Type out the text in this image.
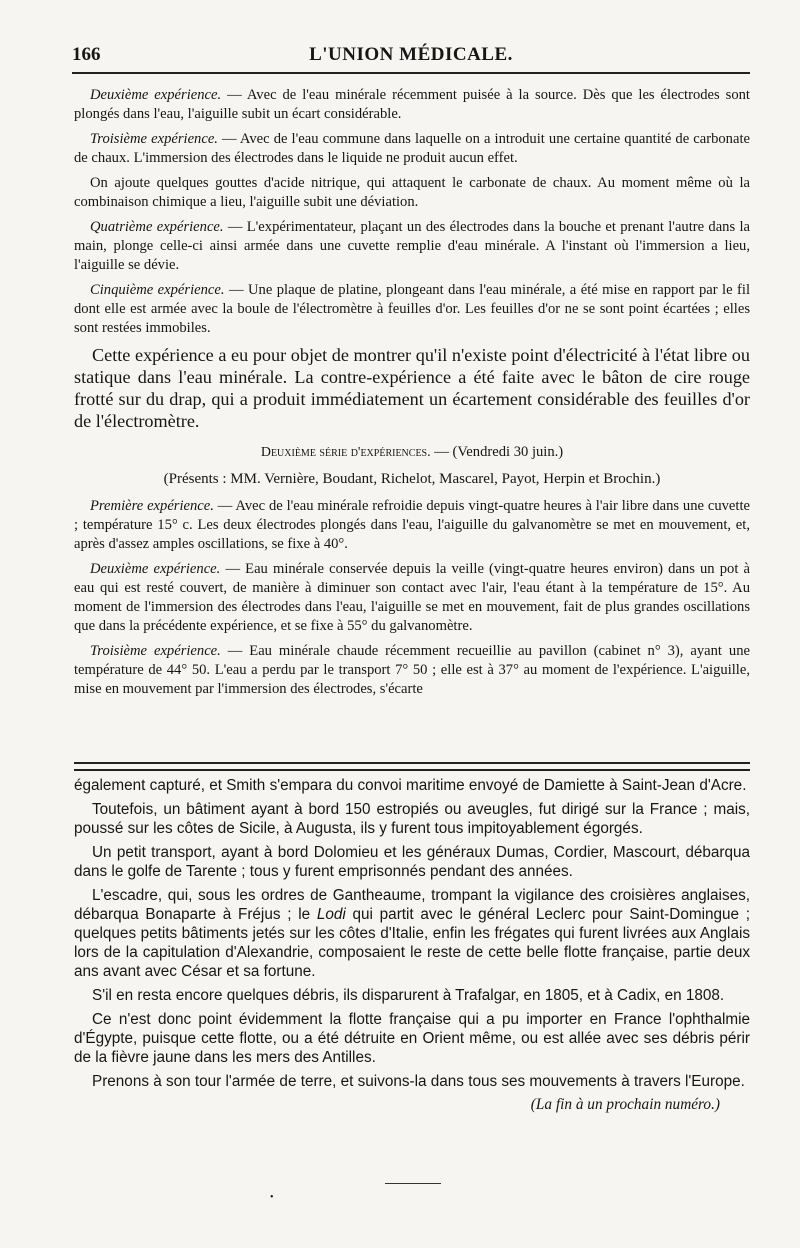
166	L'UNION MÉDICALE.

Deuxième expérience. — Avec de l'eau minérale récemment puisée à la source. Dès que les électrodes sont plongés dans l'eau, l'aiguille subit un écart considérable.

Troisième expérience. — Avec de l'eau commune dans laquelle on a introduit une certaine quantité de carbonate de chaux. L'immersion des électrodes dans le liquide ne produit aucun effet.

On ajoute quelques gouttes d'acide nitrique, qui attaquent le carbonate de chaux. Au moment même où la combinaison chimique a lieu, l'aiguille subit une déviation.

Quatrième expérience. — L'expérimentateur, plaçant un des électrodes dans la bouche et prenant l'autre dans la main, plonge celle-ci ainsi armée dans une cuvette remplie d'eau minérale. A l'instant où l'immersion a lieu, l'aiguille se dévie.

Cinquième expérience. — Une plaque de platine, plongeant dans l'eau minérale, a été mise en rapport par le fil dont elle est armée avec la boule de l'électromètre à feuilles d'or. Les feuilles d'or ne se sont point écartées ; elles sont restées immobiles.

Cette expérience a eu pour objet de montrer qu'il n'existe point d'électricité à l'état libre ou statique dans l'eau minérale. La contre-expérience a été faite avec le bâton de cire rouge frotté sur du drap, qui a produit immédiatement un écartement considérable des feuilles d'or de l'électromètre.

Deuxième série d'expériences. — (Vendredi 30 juin.)
(Présents : MM. Vernière, Boudant, Richelot, Mascarel, Payot, Herpin et Brochin.)

Première expérience. — Avec de l'eau minérale refroidie depuis vingt-quatre heures à l'air libre dans une cuvette ; température 15° c. Les deux électrodes plongés dans l'eau, l'aiguille du galvanomètre se met en mouvement, et, après d'assez amples oscillations, se fixe à 40°.

Deuxième expérience. — Eau minérale conservée depuis la veille (vingt-quatre heures environ) dans un pot à eau qui est resté couvert, de manière à diminuer son contact avec l'air, l'eau étant à la température de 15°. Au moment de l'immersion des électrodes dans l'eau, l'aiguille se met en mouvement, fait de plus grandes oscillations que dans la précédente expérience, et se fixe à 55° du galvanomètre.

Troisième expérience. — Eau minérale chaude récemment recueillie au pavillon (cabinet n° 3), ayant une température de 44° 50. L'eau a perdu par le transport 7° 50 ; elle est à 37° au moment de l'expérience. L'aiguille, mise en mouvement par l'immersion des électrodes, s'écarte

également capturé, et Smith s'empara du convoi maritime envoyé de Damiette à Saint-Jean d'Acre.

Toutefois, un bâtiment ayant à bord 150 estropiés ou aveugles, fut dirigé sur la France ; mais, poussé sur les côtes de Sicile, à Augusta, ils y furent tous impitoyablement égorgés.

Un petit transport, ayant à bord Dolomieu et les généraux Dumas, Cordier, Mascourt, débarqua dans le golfe de Tarente ; tous y furent emprisonnés pendant des années.

L'escadre, qui, sous les ordres de Gantheaume, trompant la vigilance des croisières anglaises, débarqua Bonaparte à Fréjus ; le Lodi qui partit avec le général Leclerc pour Saint-Domingue ; quelques petits bâtiments jetés sur les côtes d'Italie, enfin les frégates qui furent livrées aux Anglais lors de la capitulation d'Alexandrie, composaient le reste de cette belle flotte française, partie deux ans avant avec César et sa fortune.

S'il en resta encore quelques débris, ils disparurent à Trafalgar, en 1805, et à Cadix, en 1808.

Ce n'est donc point évidemment la flotte française qui a pu importer en France l'ophthalmie d'Égypte, puisque cette flotte, ou a été détruite en Orient même, ou est allée avec ses débris périr de la fièvre jaune dans les mers des Antilles.

Prenons à son tour l'armée de terre, et suivons-la dans tous ses mouvements à travers l'Europe.

(La fin à un prochain numéro.)
•
